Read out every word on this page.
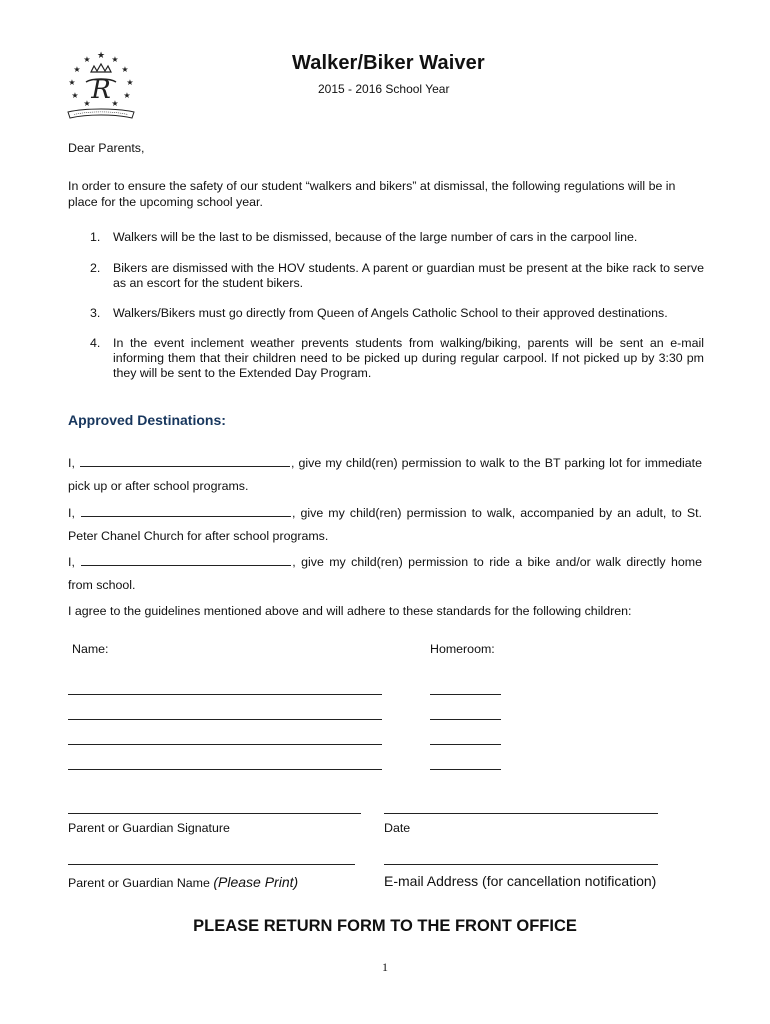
★
★	★
★	★
★	★
★	★
★	★
R
Walker/Biker Waiver
2015 - 2016 School Year
Dear Parents,
In order to ensure the safety of our student “walkers and bikers” at dismissal, the following regulations will be in place for the upcoming school year.
1. Walkers will be the last to be dismissed, because of the large number of cars in the carpool line.
2. Bikers are dismissed with the HOV students. A parent or guardian must be present at the bike rack to serve as an escort for the student bikers.
3. Walkers/Bikers must go directly from Queen of Angels Catholic School to their approved destinations.
4. In the event inclement weather prevents students from walking/biking, parents will be sent an e-mail informing them that their children need to be picked up during regular carpool. If not picked up by 3:30 pm they will be sent to the Extended Day Program.
Approved Destinations:
I,	, give my child(ren) permission to walk to the BT parking lot for immediate pick up or after school programs.
I,	, give my child(ren) permission to walk, accompanied by an adult, to St. Peter Chanel Church for after school programs.
I,	, give my child(ren) permission to ride a bike and/or walk directly home from school.
I agree to the guidelines mentioned above and will adhere to these standards for the following children:
Name:	Homeroom:
Parent or Guardian Signature	Date
Parent or Guardian Name (Please Print)	E-mail Address (for cancellation notification)
PLEASE RETURN FORM TO THE FRONT OFFICE
1
